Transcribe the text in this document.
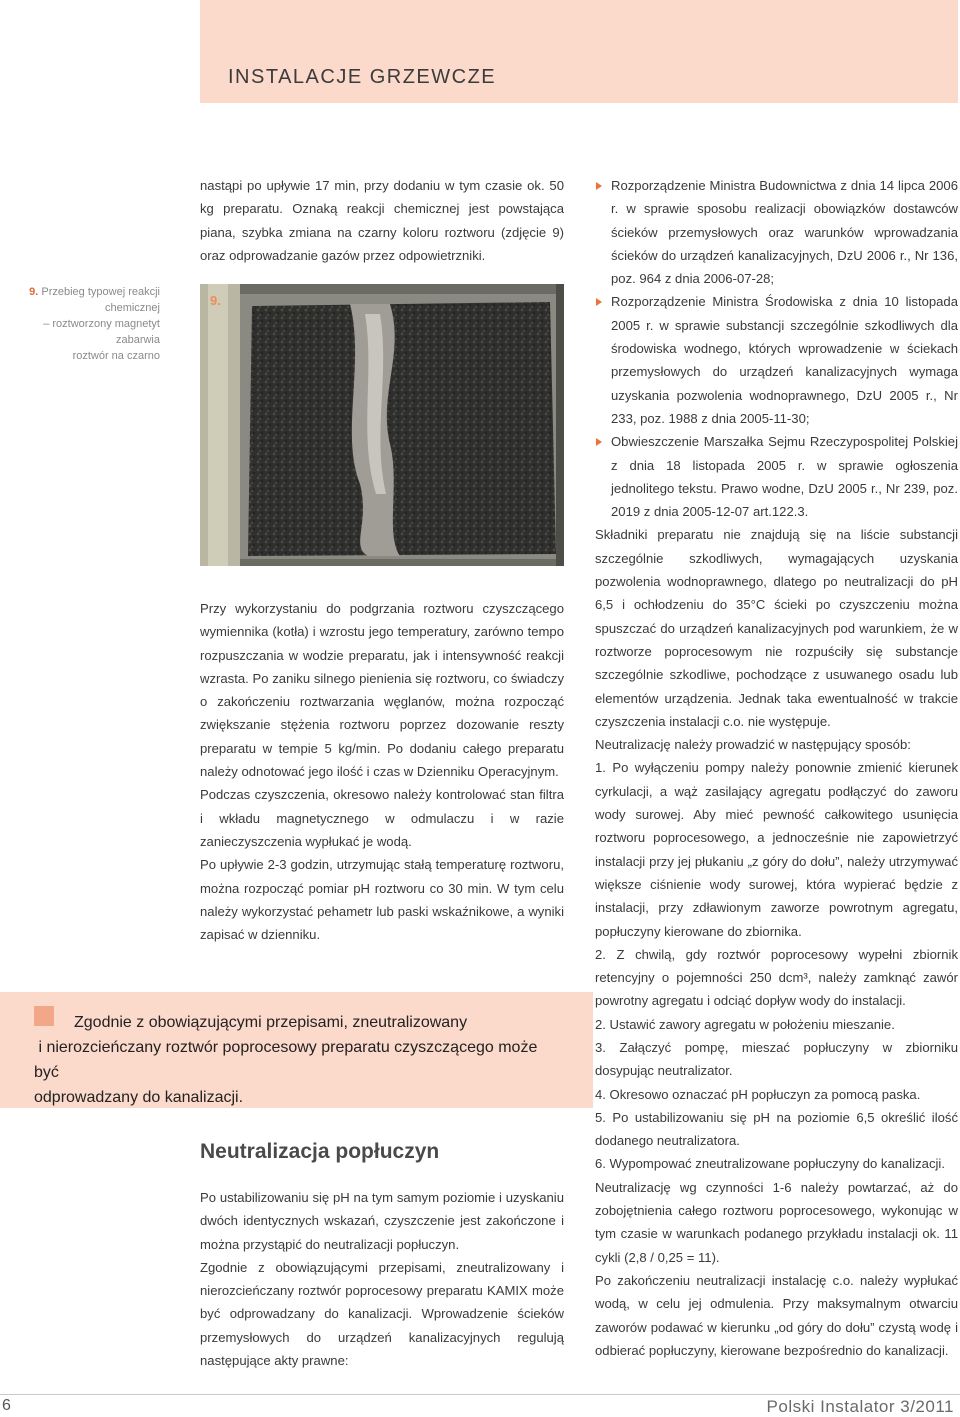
INSTALACJE GRZEWCZE
9. Przebieg typowej reakcji chemicznej
– roztworzony magnetyt zabarwia
roztwór na czarno

nastąpi po upływie 17 min, przy dodaniu w tym czasie ok. 50 kg preparatu. Oznaką reakcji chemicznej jest powstająca piana, szybka zmiana na czarny koloru roztworu (zdjęcie 9) oraz odprowadzanie gazów przez odpowietrzniki.

9.

Przy wykorzystaniu do podgrzania roztworu czyszczącego wymiennika (kotła) i wzrostu jego temperatury, zarówno tempo rozpuszczania w wodzie preparatu, jak i intensywność reakcji wzrasta. Po zaniku silnego pienienia się roztworu, co świadczy o zakończeniu roztwarzania węglanów, można rozpocząć zwiększanie stężenia roztworu poprzez dozowanie reszty preparatu w tempie 5 kg/min. Po dodaniu całego preparatu należy odnotować jego ilość i czas w Dzienniku Operacyjnym.

Podczas czyszczenia, okresowo należy kontrolować stan filtra i wkładu magnetycznego w odmulaczu i w razie zanieczyszczenia wypłukać je wodą.

Po upływie 2-3 godzin, utrzymując stałą temperaturę roztworu, można rozpocząć pomiar pH roztworu co 30 min. W tym celu należy wykorzystać pehametr lub paski wskaźnikowe, a wyniki zapisać w dzienniku.

Zgodnie z obowiązującymi przepisami, zneutralizowany
i nierozcieńczany roztwór poprocesowy preparatu czyszczącego może być
odprowadzany do kanalizacji.
Neutralizacja popłuczyn

Po ustabilizowaniu się pH na tym samym poziomie i uzyskaniu dwóch identycznych wskazań, czyszczenie jest zakończone i można przystąpić do neutralizacji popłuczyn.

Zgodnie z obowiązującymi przepisami, zneutralizowany i nierozcieńczany roztwór poprocesowy preparatu KAMIX może być odprowadzany do kanalizacji. Wprowadzenie ścieków przemysłowych do urządzeń kanalizacyjnych regulują następujące akty prawne:

Rozporządzenie Ministra Budownictwa z dnia 14 lipca 2006 r. w sprawie sposobu realizacji obowiązków dostawców ścieków przemysłowych oraz warunków wprowadzania ścieków do urządzeń kanalizacyjnych, DzU 2006 r., Nr 136, poz. 964 z dnia 2006-07-28;

Rozporządzenie Ministra Środowiska z dnia 10 listopada 2005 r. w sprawie substancji szczególnie szkodliwych dla środowiska wodnego, których wprowadzenie w ściekach przemysłowych do urządzeń kanalizacyjnych wymaga uzyskania pozwolenia wodnoprawnego, DzU 2005 r., Nr 233, poz. 1988 z dnia 2005-11-30;

Obwieszczenie Marszałka Sejmu Rzeczypospolitej Polskiej z dnia 18 listopada 2005 r. w sprawie ogłoszenia jednolitego tekstu. Prawo wodne, DzU 2005 r., Nr 239, poz. 2019 z dnia 2005-12-07 art.122.3.

Składniki preparatu nie znajdują się na liście substancji szczególnie szkodliwych, wymagających uzyskania pozwolenia wodnoprawnego, dlatego po neutralizacji do pH 6,5 i ochłodzeniu do 35°C ścieki po czyszczeniu można spuszczać do urządzeń kanalizacyjnych pod warunkiem, że w roztworze poprocesowym nie rozpuściły się substancje szczególnie szkodliwe, pochodzące z usuwanego osadu lub elementów urządzenia. Jednak taka ewentualność w trakcie czyszczenia instalacji c.o. nie występuje.

Neutralizację należy prowadzić w następujący sposób:

1. Po wyłączeniu pompy należy ponownie zmienić kierunek cyrkulacji, a wąż zasilający agregatu podłączyć do zaworu wody surowej. Aby mieć pewność całkowitego usunięcia roztworu poprocesowego, a jednocześnie nie zapowietrzyć instalacji przy jej płukaniu „z góry do dołu”, należy utrzymywać większe ciśnienie wody surowej, która wypierać będzie z instalacji, przy zdławionym zaworze powrotnym agregatu, popłuczyny kierowane do zbiornika.

2. Z chwilą, gdy roztwór poprocesowy wypełni zbiornik retencyjny o pojemności 250 dcm³, należy zamknąć zawór powrotny agregatu i odciąć dopływ wody do instalacji.

2. Ustawić zawory agregatu w położeniu mieszanie.

3. Załączyć pompę, mieszać popłuczyny w zbiorniku dosypując neutralizator.

4. Okresowo oznaczać pH popłuczyn za pomocą paska.

5. Po ustabilizowaniu się pH na poziomie 6,5 określić ilość dodanego neutralizatora.

6. Wypompować zneutralizowane popłuczyny do kanalizacji.

Neutralizację wg czynności 1-6 należy powtarzać, aż do zobojętnienia całego roztworu poprocesowego, wykonując w tym czasie w warunkach podanego przykładu instalacji ok. 11 cykli (2,8 / 0,25 = 11).

Po zakończeniu neutralizacji instalację c.o. należy wypłukać wodą, w celu jej odmulenia. Przy maksymalnym otwarciu zaworów podawać w kierunku „od góry do dołu” czystą wodę i odbierać popłuczyny, kierowane bezpośrednio do kanalizacji.

6	Polski Instalator 3/2011
